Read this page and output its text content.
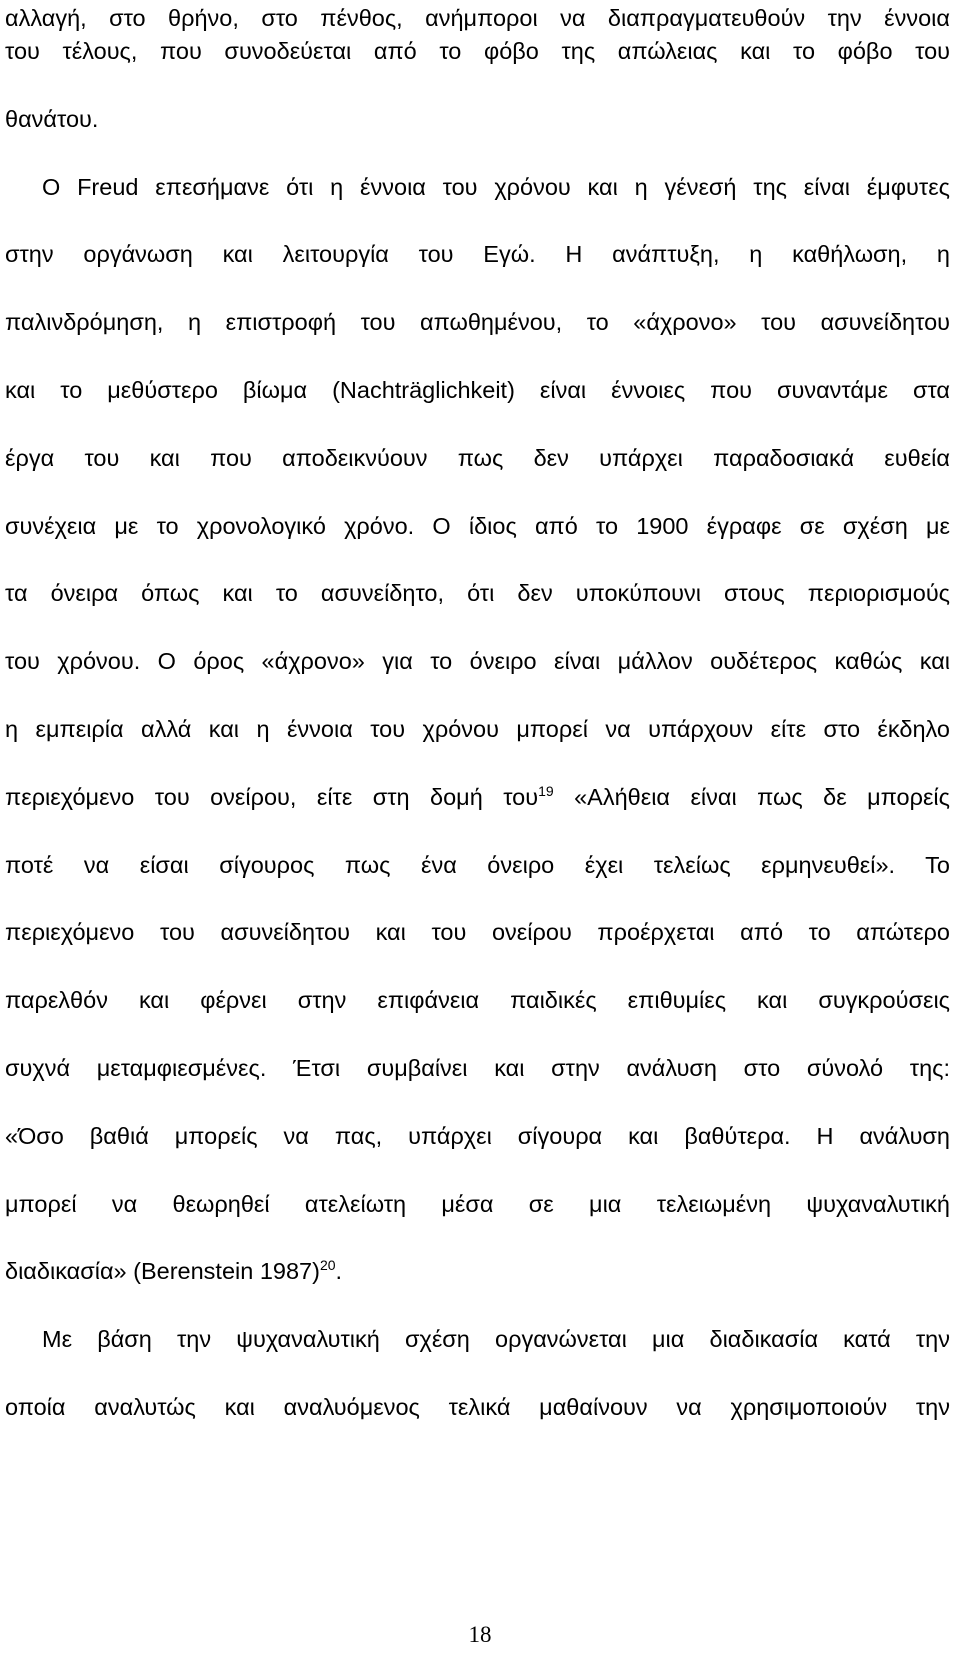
αλλαγή, στο θρήνο, στο πένθος, ανήμποροι να διαπραγματευθούν την έννοια
του τέλους, που συνοδεύεται από το φόβο της απώλειας και το φόβο του
θανάτου.
Ο Freud επεσήμανε ότι η έννοια του χρόνου και η γένεσή της είναι έμφυτες
στην οργάνωση και λειτουργία του Εγώ. Η ανάπτυξη, η καθήλωση, η
παλινδρόμηση, η επιστροφή του απωθημένου, το «άχρονο» του ασυνείδητου
και το μεθύστερο βίωμα (Nachträglichkeit) είναι έννοιες που συναντάμε στα
έργα του και που αποδεικνύουν πως δεν υπάρχει παραδοσιακά ευθεία
συνέχεια με το χρονολογικό χρόνο. Ο ίδιος από το 1900 έγραφε σε σχέση με
τα όνειρα όπως και το ασυνείδητο, ότι δεν υποκύπουνι στους περιορισμούς
του χρόνου. Ο όρος «άχρονο» για το όνειρο είναι μάλλον ουδέτερος καθώς και
η εμπειρία αλλά και η έννοια του χρόνου μπορεί να υπάρχουν είτε στο έκδηλο
περιεχόμενο του ονείρου, είτε στη δομή του$^{19}$ «Αλήθεια είναι πως δε μπορείς
ποτέ να είσαι σίγουρος πως ένα όνειρο έχει τελείως ερμηνευθεί». Το
περιεχόμενο του ασυνείδητου και του ονείρου προέρχεται από το απώτερο
παρελθόν και φέρνει στην επιφάνεια παιδικές επιθυμίες και συγκρούσεις
συχνά μεταμφιεσμένες. Έτσι συμβαίνει και στην ανάλυση στο σύνολό της:
«Όσο βαθιά μπορείς να πας, υπάρχει σίγουρα και βαθύτερα. Η ανάλυση
μπορεί να θεωρηθεί ατελείωτη μέσα σε μια τελειωμένη ψυχαναλυτική
διαδικασία» (Berenstein 1987)$^{20}$.
Με βάση την ψυχαναλυτική σχέση οργανώνεται μια διαδικασία κατά την
οποία αναλυτώς και αναλυόμενος τελικά μαθαίνουν να χρησιμοποιούν την
18
